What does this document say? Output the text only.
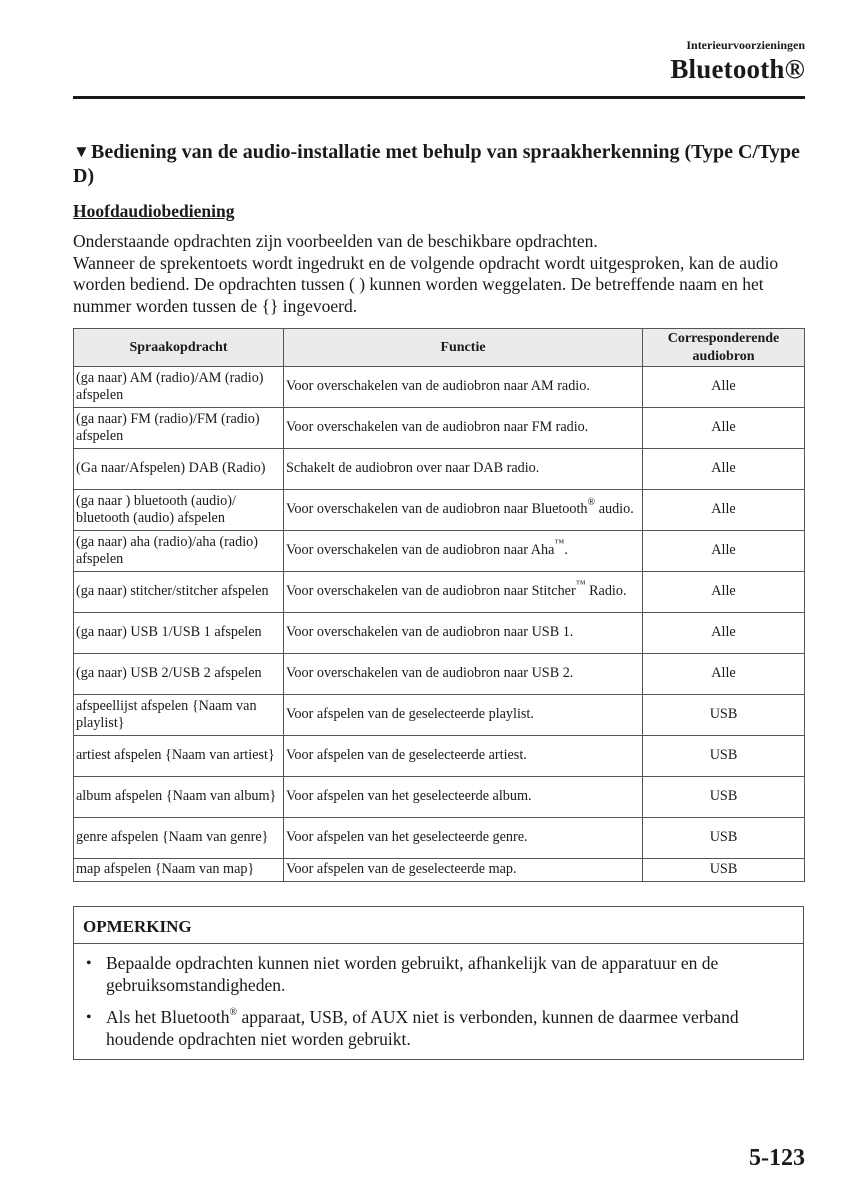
Interieurvoorzieningen
Bluetooth®
▼Bediening van de audio-installatie met behulp van spraakherkenning (Type C/Type D)
Hoofdaudiobediening

Onderstaande opdrachten zijn voorbeelden van de beschikbare opdrachten.

Wanneer de sprekentoets wordt ingedrukt en de volgende opdracht wordt uitgesproken, kan de audio worden bediend. De opdrachten tussen ( ) kunnen worden weggelaten. De betreffende naam en het nummer worden tussen de {} ingevoerd.

Spraakopdracht	Functie	Corresponderende audiobron
(ga naar) AM (radio)/AM (radio) afspelen	Voor overschakelen van de audiobron naar AM radio.	Alle
(ga naar) FM (radio)/FM (radio) afspelen	Voor overschakelen van de audiobron naar FM radio.	Alle
(Ga naar/Afspelen) DAB (Radio)	Schakelt de audiobron over naar DAB radio.	Alle
(ga naar ) bluetooth (audio)/ bluetooth (audio) afspelen	Voor overschakelen van de audiobron naar Bluetooth® audio.	Alle
(ga naar) aha (radio)/aha (radio) afspelen	Voor overschakelen van de audiobron naar Aha™.	Alle
(ga naar) stitcher/stitcher afspelen	Voor overschakelen van de audiobron naar Stitcher™ Radio.	Alle
(ga naar) USB 1/USB 1 afspelen	Voor overschakelen van de audiobron naar USB 1.	Alle
(ga naar) USB 2/USB 2 afspelen	Voor overschakelen van de audiobron naar USB 2.	Alle
afspeellijst afspelen {Naam van playlist}	Voor afspelen van de geselecteerde playlist.	USB
artiest afspelen {Naam van artiest}	Voor afspelen van de geselecteerde artiest.	USB
album afspelen {Naam van album}	Voor afspelen van het geselecteerde album.	USB
genre afspelen {Naam van genre}	Voor afspelen van het geselecteerde genre.	USB
map afspelen {Naam van map}	Voor afspelen van de geselecteerde map.	USB
OPMERKING
• Bepaalde opdrachten kunnen niet worden gebruikt, afhankelijk van de apparatuur en de gebruiksomstandigheden.
• Als het Bluetooth® apparaat, USB, of AUX niet is verbonden, kunnen de daarmee verband houdende opdrachten niet worden gebruikt.
5-123
